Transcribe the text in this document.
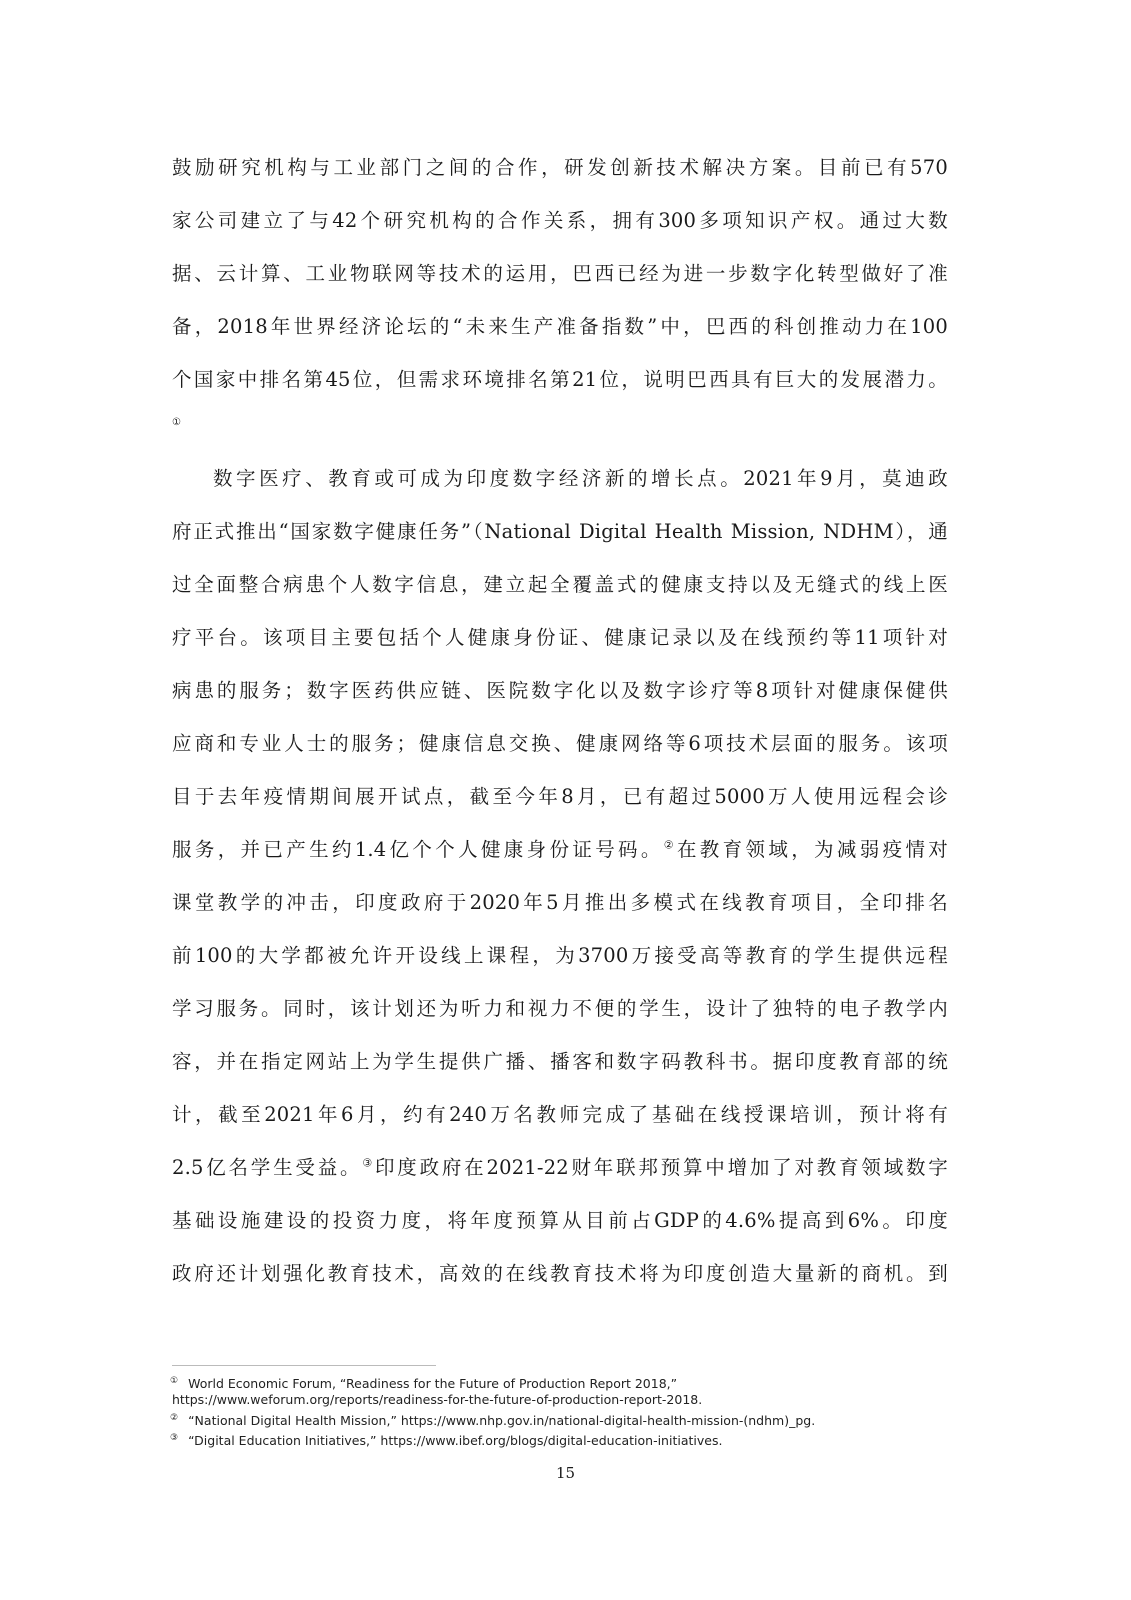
鼓励研究机构与工业部门之间的合作，研发创新技术解决方案。目前已有570
家公司建立了与42个研究机构的合作关系，拥有300多项知识产权。通过大数
据、云计算、工业物联网等技术的运用，巴西已经为进一步数字化转型做好了准
备，2018年世界经济论坛的“未来生产准备指数”中，巴西的科创推动力在100
个国家中排名第45位，但需求环境排名第21位，说明巴西具有巨大的发展潜力。
①
数字医疗、教育或可成为印度数字经济新的增长点。2021年9月，莫迪政
府正式推出“国家数字健康任务”（National Digital Health Mission, NDHM），通
过全面整合病患个人数字信息，建立起全覆盖式的健康支持以及无缝式的线上医
疗平台。该项目主要包括个人健康身份证、健康记录以及在线预约等11项针对
病患的服务；数字医药供应链、医院数字化以及数字诊疗等8项针对健康保健供
应商和专业人士的服务；健康信息交换、健康网络等6项技术层面的服务。该项
目于去年疫情期间展开试点，截至今年8月，已有超过5000万人使用远程会诊
服务，并已产生约1.4亿个个人健康身份证号码。②在教育领域，为减弱疫情对
课堂教学的冲击，印度政府于2020年5月推出多模式在线教育项目，全印排名
前100的大学都被允许开设线上课程，为3700万接受高等教育的学生提供远程
学习服务。同时，该计划还为听力和视力不便的学生，设计了独特的电子教学内
容，并在指定网站上为学生提供广播、播客和数字码教科书。据印度教育部的统
计，截至2021年6月，约有240万名教师完成了基础在线授课培训，预计将有
2.5亿名学生受益。③印度政府在2021-22财年联邦预算中增加了对教育领域数字
基础设施建设的投资力度，将年度预算从目前占GDP的4.6%提高到6%。印度
政府还计划强化教育技术，高效的在线教育技术将为印度创造大量新的商机。到
① World Economic Forum, “Readiness for the Future of Production Report 2018,”
https://www.weforum.org/reports/readiness-for-the-future-of-production-report-2018.
② “National Digital Health Mission,” https://www.nhp.gov.in/national-digital-health-mission-(ndhm)_pg.
③ “Digital Education Initiatives,” https://www.ibef.org/blogs/digital-education-initiatives.
15
